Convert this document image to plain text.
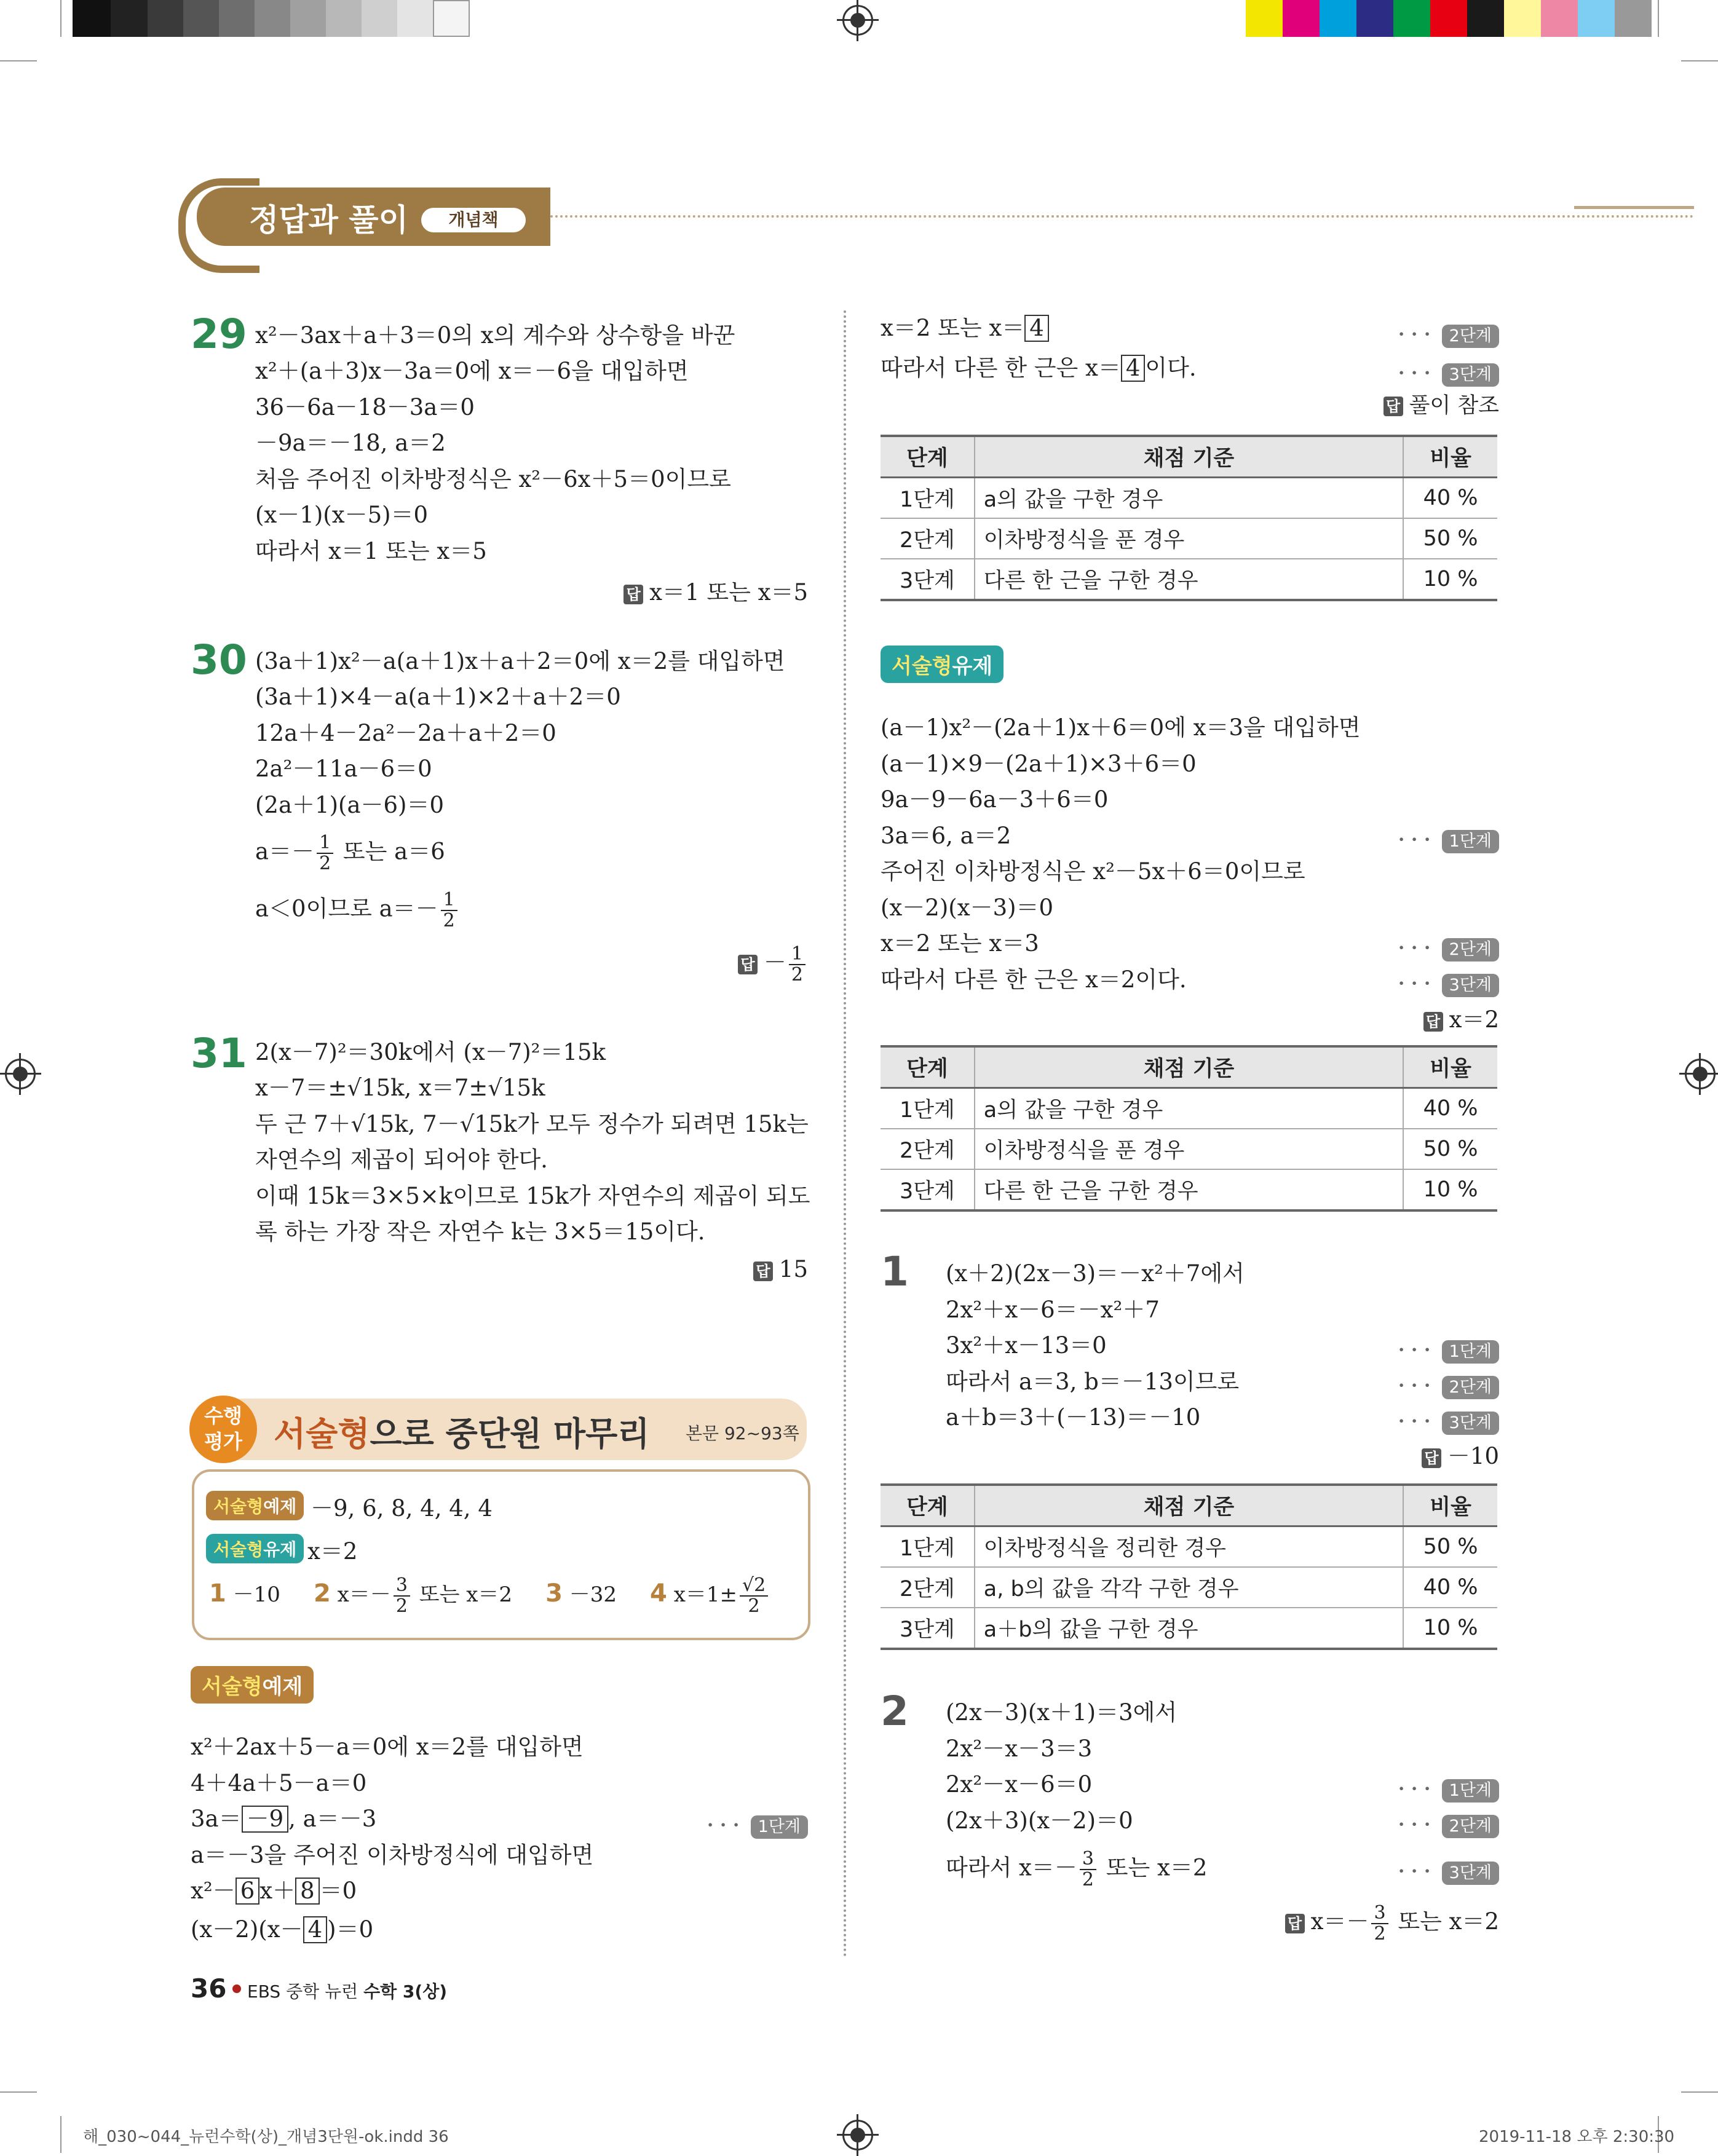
정답과 풀이	개념책
29 x²－3ax＋a＋3＝0의 x의 계수와 상수항을 바꾼
x²＋(a＋3)x－3a＝0에 x＝－6을 대입하면
36－6a－18－3a＝0
－9a＝－18, a＝2
처음 주어진 이차방정식은 x²－6x＋5＝0이므로
(x－1)(x－5)＝0
따라서 x＝1 또는 x＝5
답 x＝1 또는 x＝5
30 (3a＋1)x²－a(a＋1)x＋a＋2＝0에 x＝2를 대입하면
(3a＋1)×4－a(a＋1)×2＋a＋2＝0
12a＋4－2a²－2a＋a＋2＝0
2a²－11a－6＝0
(2a＋1)(a－6)＝0
$a=- \frac{1}{2}$ 또는 a＝6
a＜0이므로 $a=- \frac{1}{2}$
답 － $\frac{1}{2}$
31 2(x－7)²＝30k에서 (x－7)²＝15k
x－7＝±√15k, x＝7±√15k
두 근 7＋√15k, 7－√15k가 모두 정수가 되려면 15k는
자연수의 제곱이 되어야 한다.
이때 15k＝3×5×k이므로 15k가 자연수의 제곱이 되도
록 하는 가장 작은 자연수 k는 3×5＝15이다.
답 15
수행
평가 서술형으로 중단원 마무리 본문 92~93쪽
서술형예제 －9, 6, 8, 4, 4, 4
서술형유제 x＝2
1 －10 2 $x=- \frac{3}{2}$ 또는 x＝2 3 －32 4 $x=1\pm \frac{√2}{2}$
서술형예제
x²＋2ax＋5－a＝0에 x＝2를 대입하면
4＋4a＋5－a＝0
3a＝ －9 , a＝－3	･･･ 1단계
a＝－3을 주어진 이차방정식에 대입하면
x²－ 6 x＋ 8 ＝0
(x－2)(x－ 4 )＝0
x＝2 또는 x＝ 4	･･･ 2단계
따라서 다른 한 근은 x＝ 4 이다.	･･･ 3단계
답 풀이 참조
단계	채점 기준	비율
1단계	a의 값을 구한 경우	40 %
2단계	이차방정식을 푼 경우	50 %
3단계	다른 한 근을 구한 경우	10 %
서술형유제
(a－1)x²－(2a＋1)x＋6＝0에 x＝3을 대입하면
(a－1)×9－(2a＋1)×3＋6＝0
9a－9－6a－3＋6＝0
3a＝6, a＝2	･･･ 1단계
주어진 이차방정식은 x²－5x＋6＝0이므로
(x－2)(x－3)＝0
x＝2 또는 x＝3	･･･ 2단계
따라서 다른 한 근은 x＝2이다.	･･･ 3단계
답 x＝2
단계	채점 기준	비율
1단계	a의 값을 구한 경우	40 %
2단계	이차방정식을 푼 경우	50 %
3단계	다른 한 근을 구한 경우	10 %
1 (x＋2)(2x－3)＝－x²＋7에서
2x²＋x－6＝－x²＋7
3x²＋x－13＝0	･･･ 1단계
따라서 a＝3, b＝－13이므로	･･･ 2단계
a＋b＝3＋(－13)＝－10	･･･ 3단계
답 －10
단계	채점 기준	비율
1단계	이차방정식을 정리한 경우	50 %
2단계	a, b의 값을 각각 구한 경우	40 %
3단계	a＋b의 값을 구한 경우	10 %
2 (2x－3)(x＋1)＝3에서
2x²－x－3＝3
2x²－x－6＝0	･･･ 1단계
(2x＋3)(x－2)＝0	･･･ 2단계
따라서 $x=- \frac{3}{2}$ 또는 x＝2	･･･ 3단계
답 $x=- \frac{3}{2}$ 또는 x＝2
36 EBS 중학 뉴런 수학 3(상)
해_030~044_뉴런수학(상)_개념3단원-ok.indd 36	2019-11-18 오후 2:30:30
